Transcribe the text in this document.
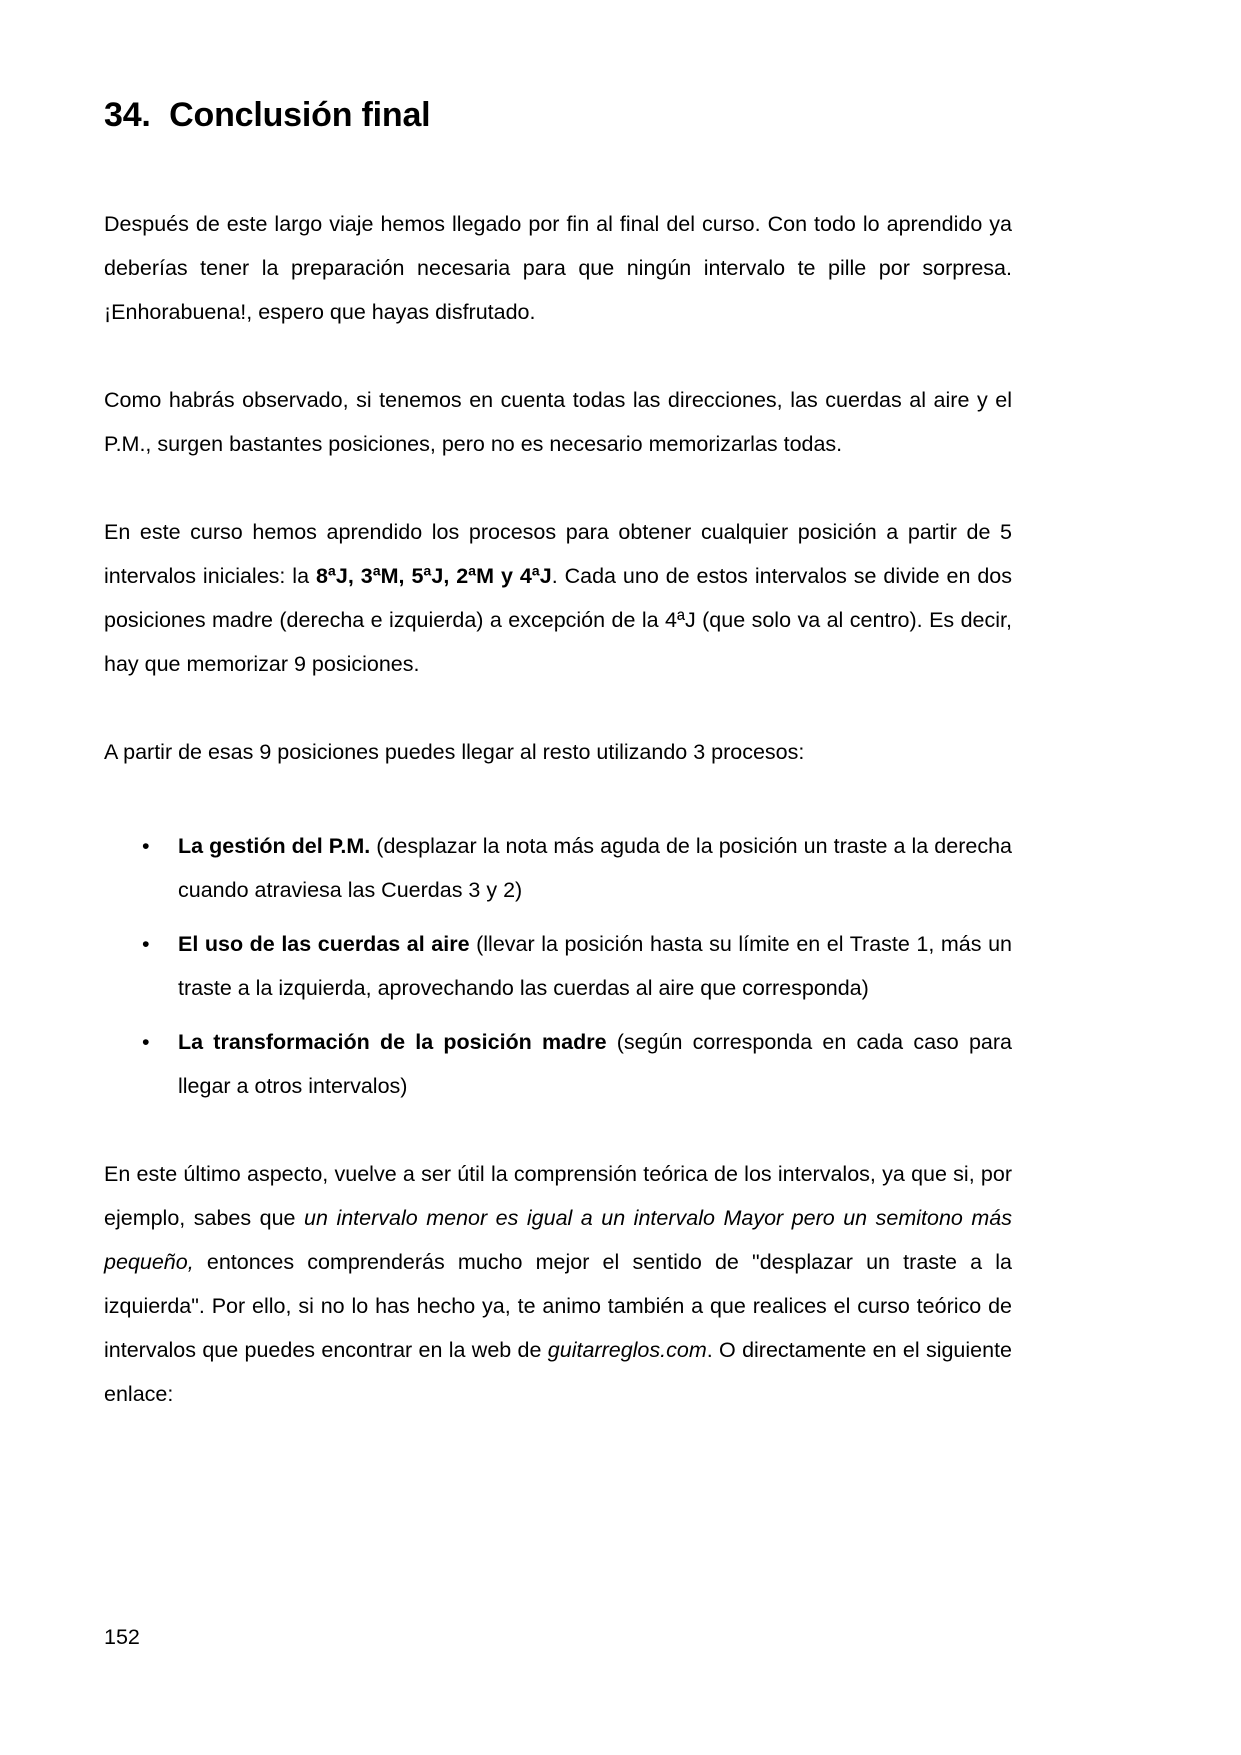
34.  Conclusión final

Después de este largo viaje hemos llegado por fin al final del curso. Con todo lo aprendido ya deberías tener la preparación necesaria para que ningún intervalo te pille por sorpresa. ¡Enhorabuena!, espero que hayas disfrutado.

Como habrás observado, si tenemos en cuenta todas las direcciones, las cuerdas al aire y el P.M., surgen bastantes posiciones, pero no es necesario memorizarlas todas.

En este curso hemos aprendido los procesos para obtener cualquier posición a partir de 5 intervalos iniciales: la 8ªJ, 3ªM, 5ªJ, 2ªM y 4ªJ. Cada uno de estos intervalos se divide en dos posiciones madre (derecha e izquierda) a excepción de la 4ªJ (que solo va al centro). Es decir, hay que memorizar 9 posiciones.

A partir de esas 9 posiciones puedes llegar al resto utilizando 3 procesos:

• La gestión del P.M. (desplazar la nota más aguda de la posición un traste a la derecha cuando atraviesa las Cuerdas 3 y 2)
• El uso de las cuerdas al aire (llevar la posición hasta su límite en el Traste 1, más un traste a la izquierda, aprovechando las cuerdas al aire que corresponda)
• La transformación de la posición madre (según corresponda en cada caso para llegar a otros intervalos)

En este último aspecto, vuelve a ser útil la comprensión teórica de los intervalos, ya que si, por ejemplo, sabes que un intervalo menor es igual a un intervalo Mayor pero un semitono más pequeño, entonces comprenderás mucho mejor el sentido de "desplazar un traste a la izquierda". Por ello, si no lo has hecho ya, te animo también a que realices el curso teórico de intervalos que puedes encontrar en la web de guitarreglos.com. O directamente en el siguiente enlace:

152
